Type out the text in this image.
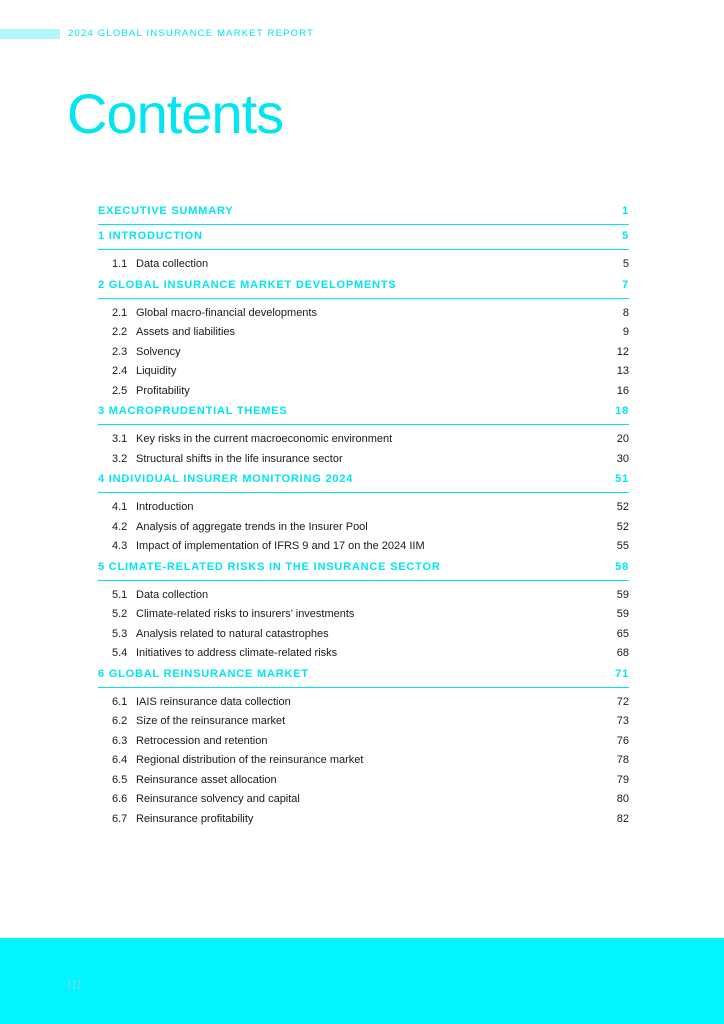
2024 GLOBAL INSURANCE MARKET REPORT
Contents
EXECUTIVE SUMMARY	1
1 INTRODUCTION	5
1.1 Data collection	5
2 GLOBAL INSURANCE MARKET DEVELOPMENTS	7
2.1 Global macro-financial developments	8
2.2 Assets and liabilities	9
2.3 Solvency	12
2.4 Liquidity	13
2.5 Profitability	16
3 MACROPRUDENTIAL THEMES	18
3.1 Key risks in the current macroeconomic environment	20
3.2 Structural shifts in the life insurance sector	30
4 INDIVIDUAL INSURER MONITORING 2024	51
4.1 Introduction	52
4.2 Analysis of aggregate trends in the Insurer Pool	52
4.3 Impact of implementation of IFRS 9 and 17 on the 2024 IIM	55
5 CLIMATE-RELATED RISKS IN THE INSURANCE SECTOR	58
5.1 Data collection	59
5.2 Climate-related risks to insurers’ investments	59
5.3 Analysis related to natural catastrophes	65
5.4 Initiatives to address climate-related risks	68
6 GLOBAL REINSURANCE MARKET	71
6.1 IAIS reinsurance data collection	72
6.2 Size of the reinsurance market	73
6.3 Retrocession and retention	76
6.4 Regional distribution of the reinsurance market	78
6.5 Reinsurance asset allocation	79
6.6 Reinsurance solvency and capital	80
6.7 Reinsurance profitability	82
III
